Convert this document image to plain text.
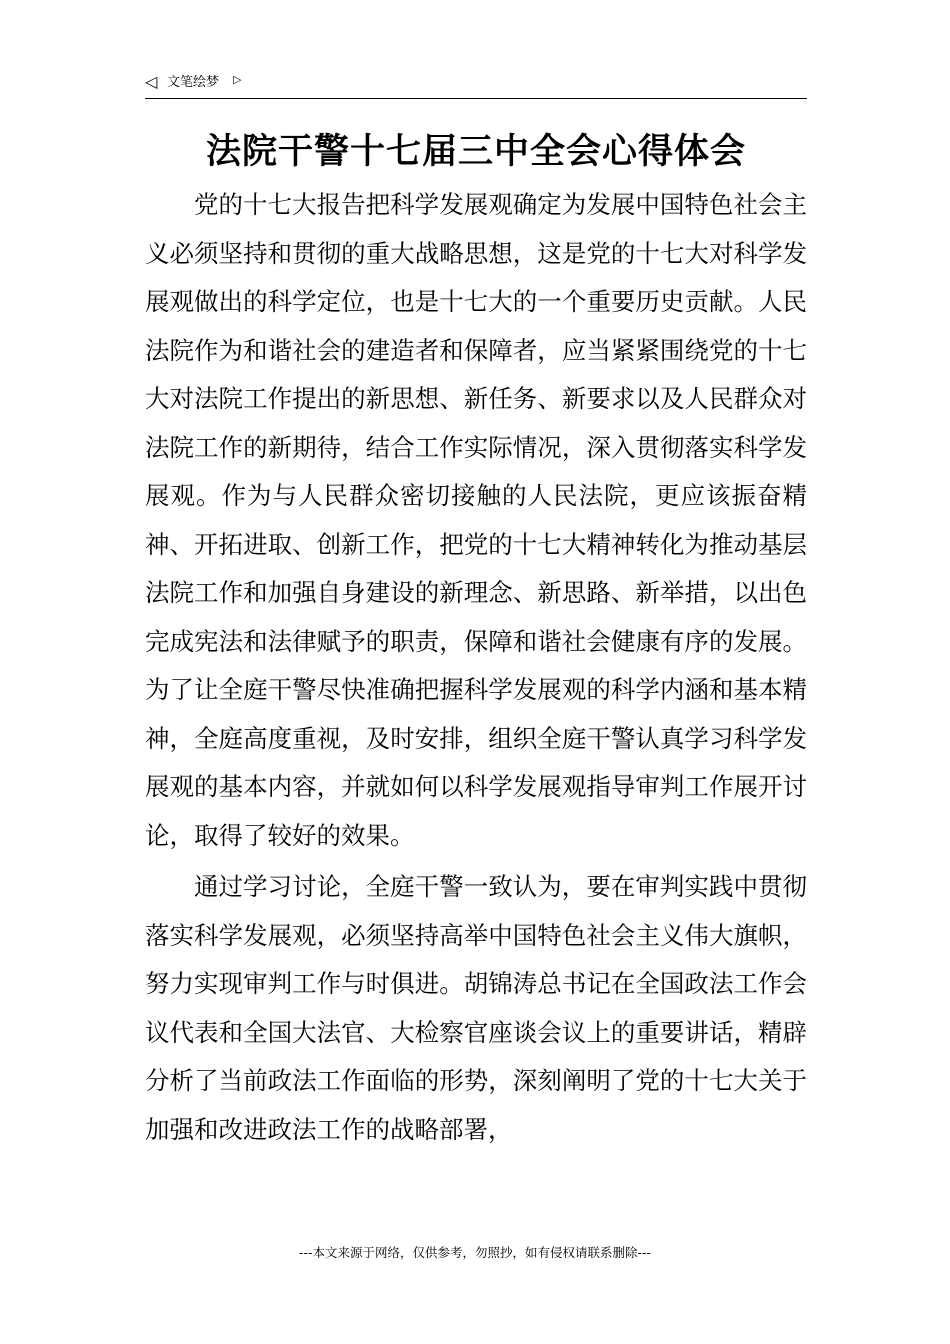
◁ 文笔绘梦 ▷
法院干警十七届三中全会心得体会

党的十七大报告把科学发展观确定为发展中国特色社会主义必须坚持和贯彻的重大战略思想，这是党的十七大对科学发展观做出的科学定位，也是十七大的一个重要历史贡献。人民法院作为和谐社会的建造者和保障者，应当紧紧围绕党的十七大对法院工作提出的新思想、新任务、新要求以及人民群众对法院工作的新期待，结合工作实际情况，深入贯彻落实科学发展观。作为与人民群众密切接触的人民法院，更应该振奋精神、开拓进取、创新工作，把党的十七大精神转化为推动基层法院工作和加强自身建设的新理念、新思路、新举措，以出色完成宪法和法律赋予的职责，保障和谐社会健康有序的发展。为了让全庭干警尽快准确把握科学发展观的科学内涵和基本精神，全庭高度重视，及时安排，组织全庭干警认真学习科学发展观的基本内容，并就如何以科学发展观指导审判工作展开讨论，取得了较好的效果。

通过学习讨论，全庭干警一致认为，要在审判实践中贯彻落实科学发展观，必须坚持高举中国特色社会主义伟大旗帜，努力实现审判工作与时俱进。胡锦涛总书记在全国政法工作会议代表和全国大法官、大检察官座谈会议上的重要讲话，精辟分析了当前政法工作面临的形势，深刻阐明了党的十七大关于加强和改进政法工作的战略部署，

---本文来源于网络，仅供参考，勿照抄，如有侵权请联系删除---
